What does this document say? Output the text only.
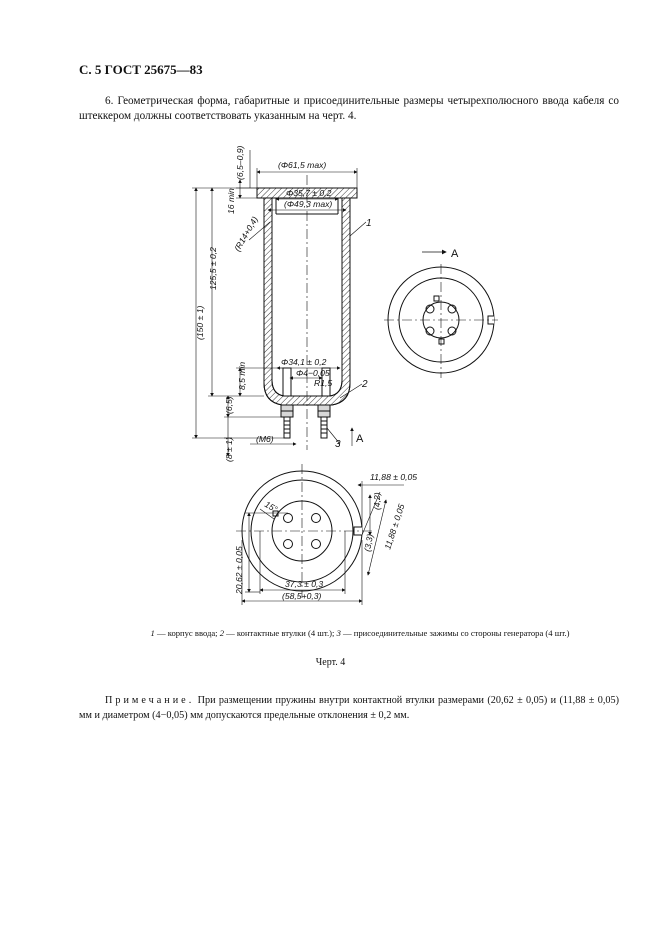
С. 5 ГОСТ 25675—83
6. Геометрическая форма, габаритные и присоединительные размеры четырехполюсного ввода кабеля со штеккером должны соответствовать указанным на черт. 4.
(Φ61,5 max)
Φ35,7 ± 0,2
(Φ49,3 max)
(6,5–0,9)
16 min
(R14+0,4)
125,5 ± 0,2
(150 ± 1)
8,5 min	Φ34,1 ± 0,2
Φ4−0,05
R1,5
(6,5)
(M6)
(8 ± 1)
1
2
3 A
A
11,88 ± 0,05
(4,2)
11,88 ± 0,05
(3,3)
15°
20,62 ± 0,05	37,3 ± 0,3
(58,5+0,3)
1 — корпус ввода; 2 — контактные втулки (4 шт.); 3 — присоединительные зажимы со стороны генератора (4 шт.)
Черт. 4
Примечание. При размещении пружины внутри контактной втулки размерами (20,62 ± 0,05) и (11,88 ± 0,05) мм и диаметром (4−0,05) мм допускаются предельные отклонения ± 0,2 мм.
